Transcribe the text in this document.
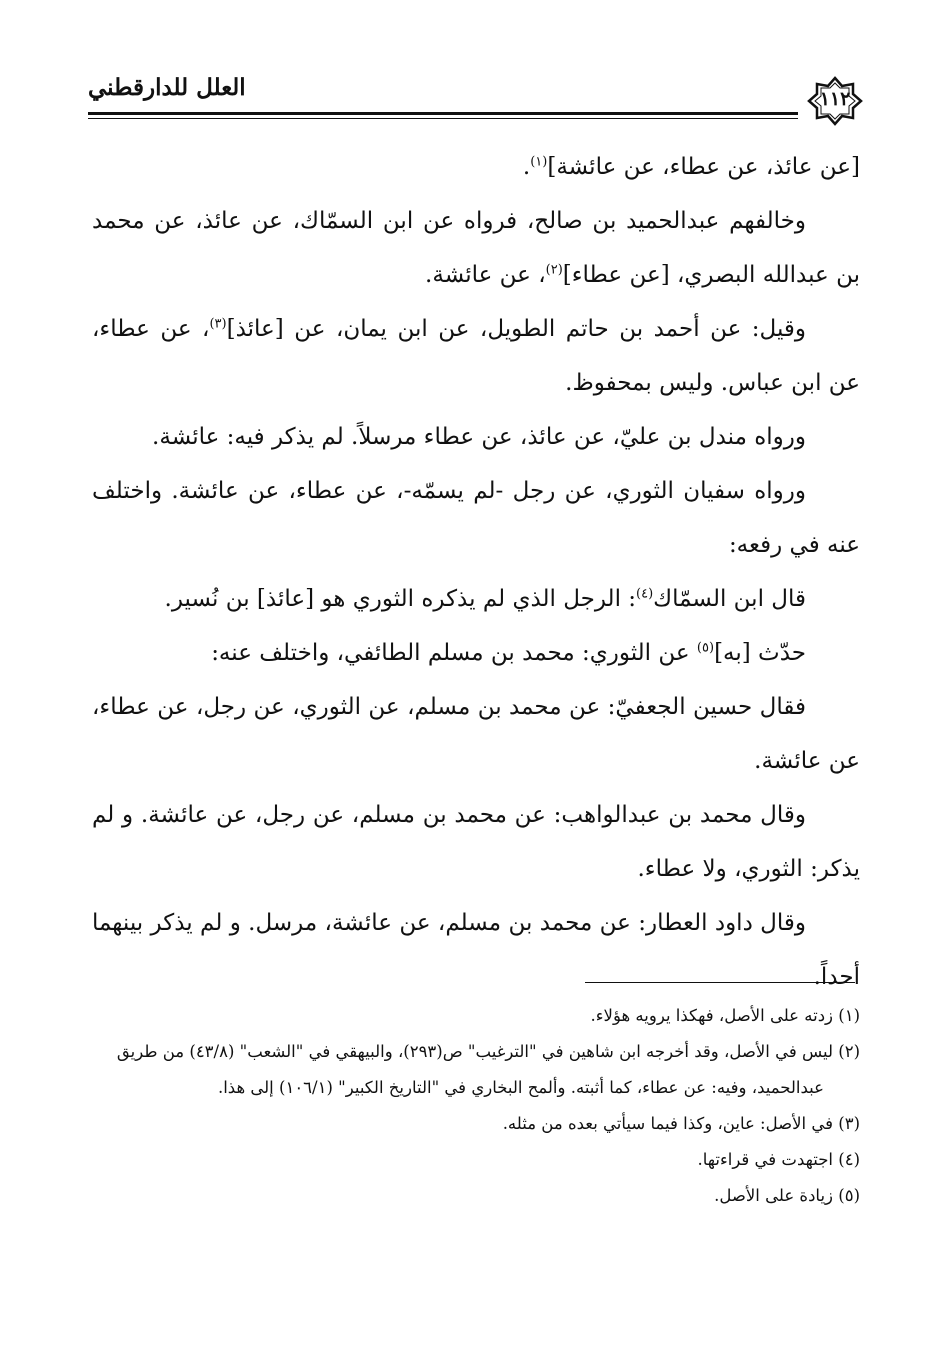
١١٢
العلل للدارقطني

[عن عائذ، عن عطاء، عن عائشة]$^{(١)}$.

وخالفهم عبدالحميد بن صالح، فرواه عن ابن السمّاك، عن عائذ، عن محمد بن عبدالله البصري، [عن عطاء]$^{(٢)}$، عن عائشة.

وقيل: عن أحمد بن حاتم الطويل، عن ابن يمان، عن [عائذ]$^{(٣)}$، عن عطاء، عن ابن عباس. وليس بمحفوظ.

ورواه مندل بن عليّ، عن عائذ، عن عطاء مرسلاً. لم يذكر فيه: عائشة.

ورواه سفيان الثوري، عن رجل -لم يسمّه-، عن عطاء، عن عائشة. واختلف عنه في رفعه:

قال ابن السمّاك$^{(٤)}$: الرجل الذي لم يذكره الثوري هو [عائذ] بن نُسير.

حدّث [به]$^{(٥)}$ عن الثوري: محمد بن مسلم الطائفي، واختلف عنه:

فقال حسين الجعفيّ: عن محمد بن مسلم، عن الثوري، عن رجل، عن عطاء، عن عائشة.

وقال محمد بن عبدالواهب: عن محمد بن مسلم، عن رجل، عن عائشة. و لم يذكر: الثوري، ولا عطاء.

وقال داود العطار: عن محمد بن مسلم، عن عائشة، مرسل. و لم يذكر بينهما أحداً.

(١) زدته على الأصل، فهكذا يرويه هؤلاء.

(٢) ليس في الأصل، وقد أخرجه ابن شاهين في "الترغيب" ص(٢٩٣)، والبيهقي في "الشعب" (٤٣/٨) من طريق

عبدالحميد، وفيه: عن عطاء، كما أثبته. وألمح البخاري في "التاريخ الكبير" (١٠٦/١) إلى هذا.

(٣) في الأصل: عاين، وكذا فيما سيأتي بعده من مثله.

(٤) اجتهدت في قراءتها.

(٥) زيادة على الأصل.
